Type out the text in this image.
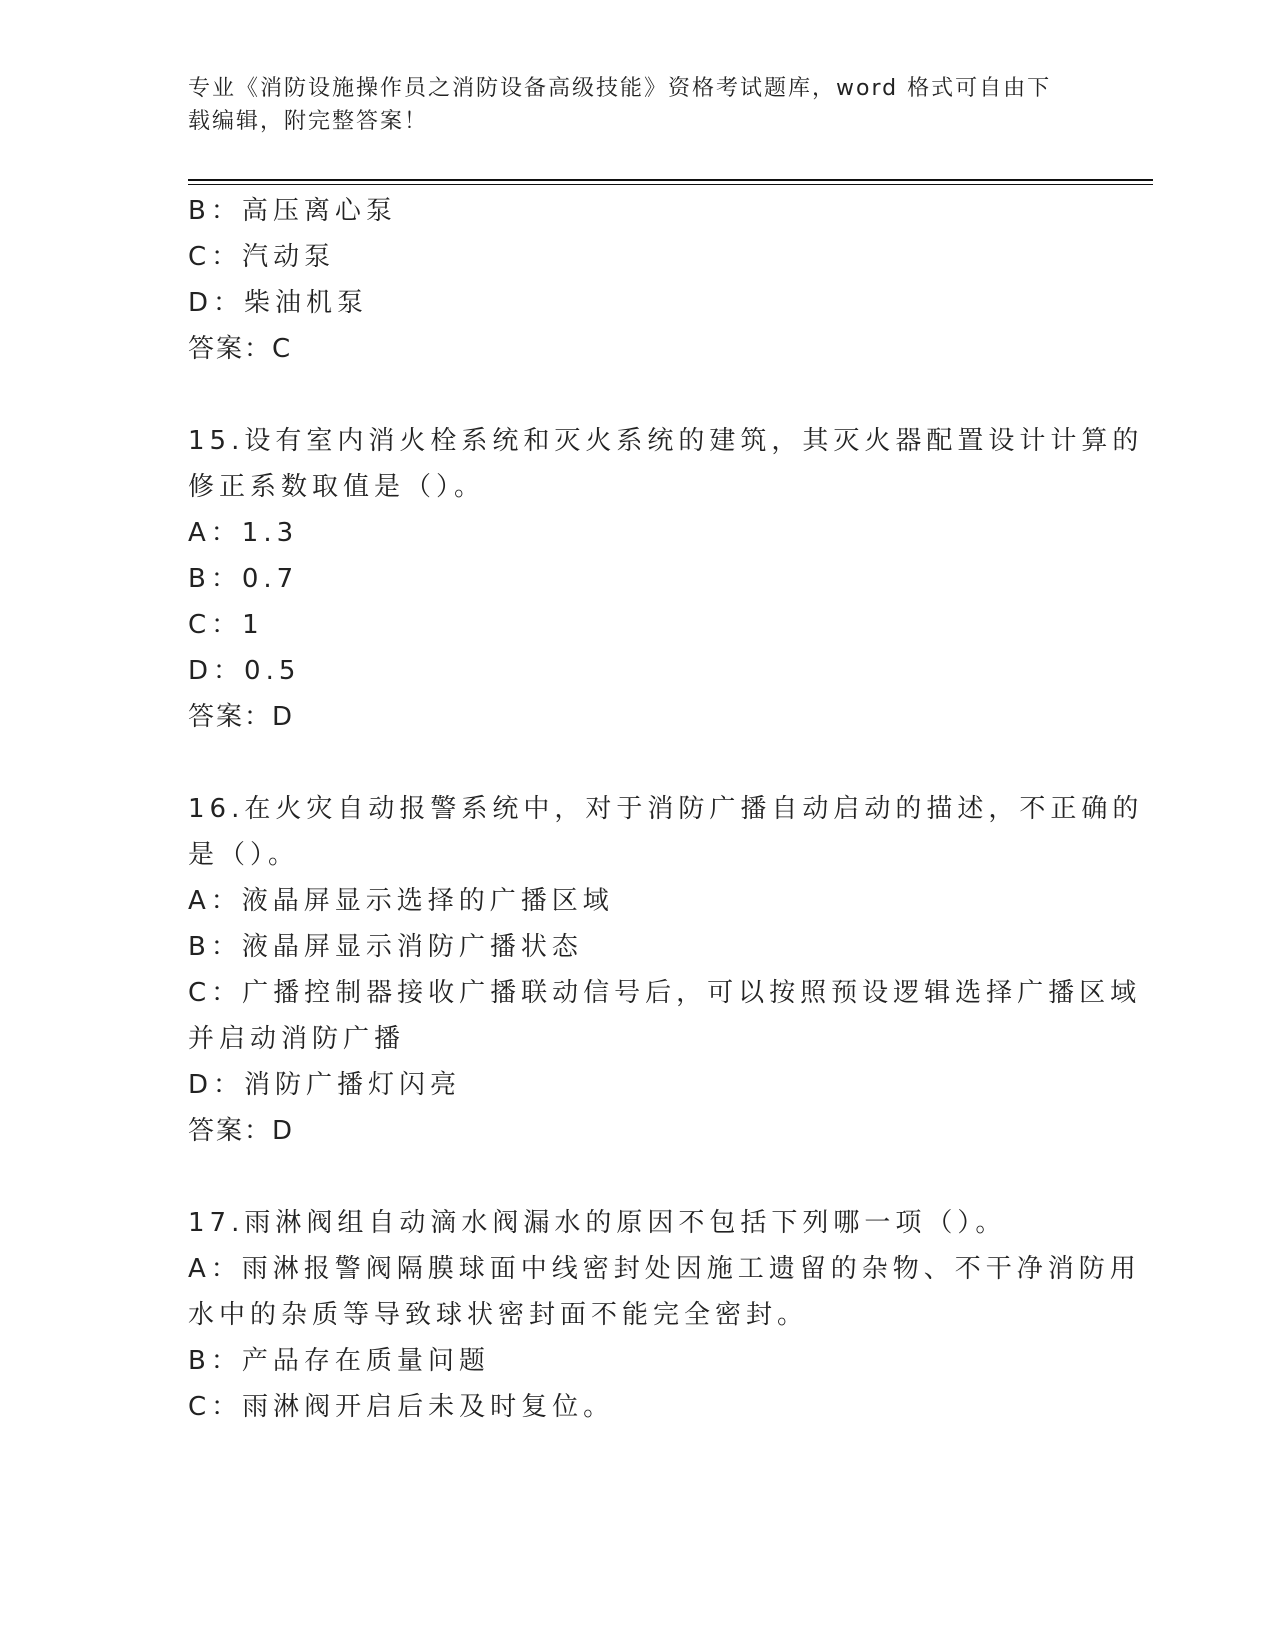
专业《消防设施操作员之消防设备高级技能》资格考试题库，word 格式可自由下
载编辑，附完整答案！
B：高压离心泵
C：汽动泵
D：柴油机泵
答案：C
15.设有室内消火栓系统和灭火系统的建筑，其灭火器配置设计计算的
修正系数取值是（）。
A：1.3
B：0.7
C：1
D：0.5
答案：D
16.在火灾自动报警系统中，对于消防广播自动启动的描述，不正确的
是（）。
A：液晶屏显示选择的广播区域
B：液晶屏显示消防广播状态
C：广播控制器接收广播联动信号后，可以按照预设逻辑选择广播区域
并启动消防广播
D：消防广播灯闪亮
答案：D
17.雨淋阀组自动滴水阀漏水的原因不包括下列哪一项（）。
A：雨淋报警阀隔膜球面中线密封处因施工遗留的杂物、不干净消防用
水中的杂质等导致球状密封面不能完全密封。
B：产品存在质量问题
C：雨淋阀开启后未及时复位。
